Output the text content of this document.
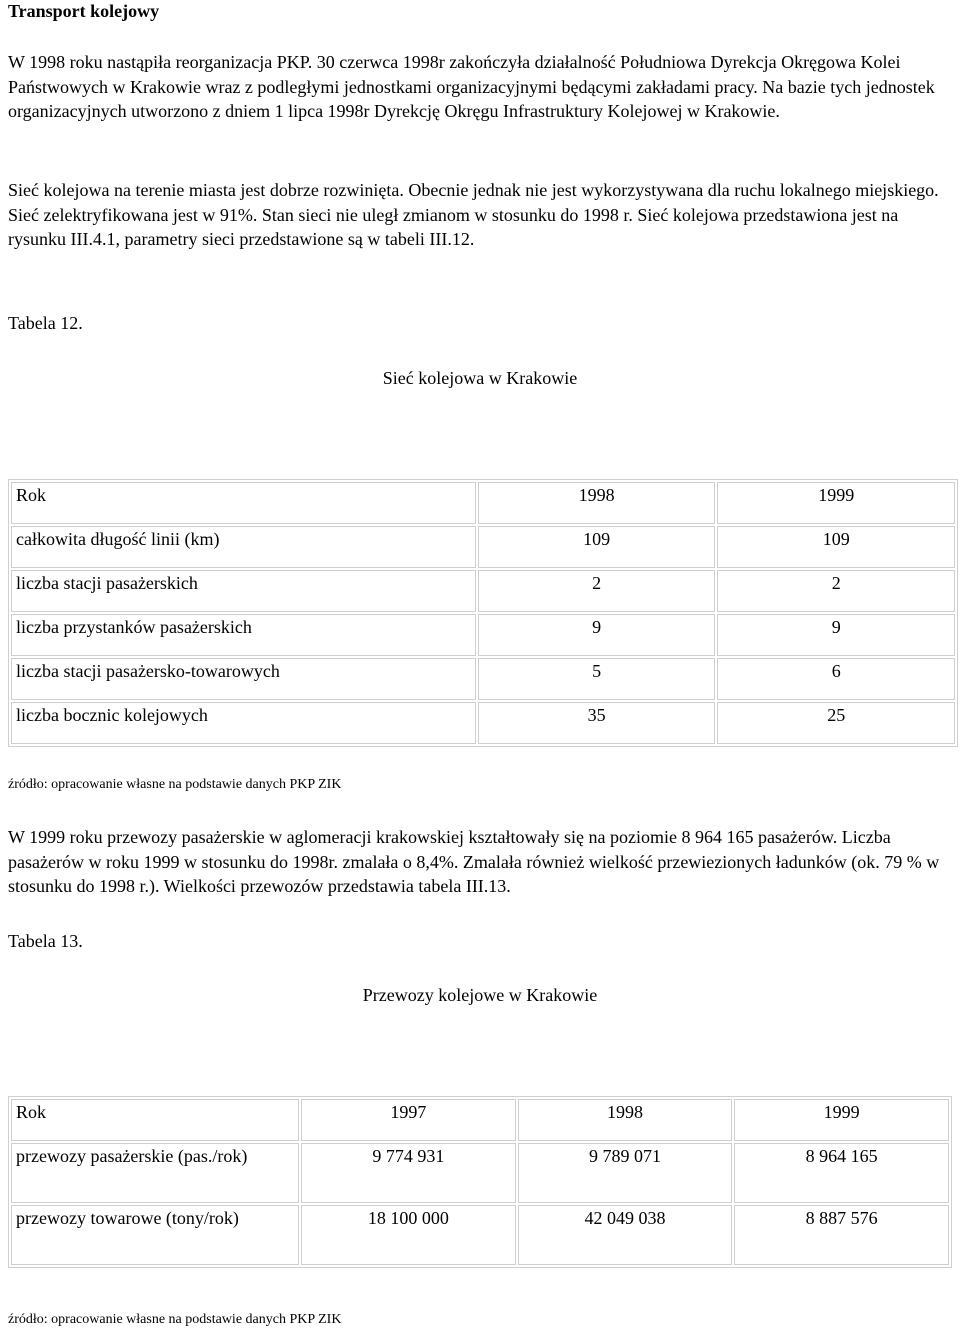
Transport kolejowy
W 1998 roku nastąpiła reorganizacja PKP. 30 czerwca 1998r zakończyła działalność Południowa Dyrekcja Okręgowa Kolei Państwowych w Krakowie wraz z podległymi jednostkami organizacyjnymi będącymi zakładami pracy. Na bazie tych jednostek organizacyjnych utworzono z dniem 1 lipca 1998r Dyrekcję Okręgu Infrastruktury Kolejowej w Krakowie.
Sieć kolejowa na terenie miasta jest dobrze rozwinięta. Obecnie jednak nie jest wykorzystywana dla ruchu lokalnego miejskiego. Sieć zelektryfikowana jest w 91%. Stan sieci nie uległ zmianom w stosunku do 1998 r. Sieć kolejowa przedstawiona jest na rysunku III.4.1, parametry sieci przedstawione są w tabeli III.12.
Tabela 12.
Sieć kolejowa w Krakowie
Rok	1998	1999
całkowita długość linii (km)	109	109
liczba stacji pasażerskich	2	2
liczba przystanków pasażerskich	9	9
liczba stacji pasażersko-towarowych	5	6
liczba bocznic kolejowych	35	25
źródło: opracowanie własne na podstawie danych PKP ZIK
W 1999 roku przewozy pasażerskie w aglomeracji krakowskiej kształtowały się na poziomie 8 964 165 pasażerów. Liczba pasażerów w roku 1999 w stosunku do 1998r. zmalała o 8,4%. Zmalała również wielkość przewiezionych ładunków (ok. 79 % w stosunku do 1998 r.). Wielkości przewozów przedstawia tabela III.13.
Tabela 13.
Przewozy kolejowe w Krakowie
Rok	1997	1998	1999
przewozy pasażerskie (pas./rok)	9 774 931	9 789 071	8 964 165
przewozy towarowe (tony/rok)	18 100 000	42 049 038	8 887 576
źródło: opracowanie własne na podstawie danych PKP ZIK
